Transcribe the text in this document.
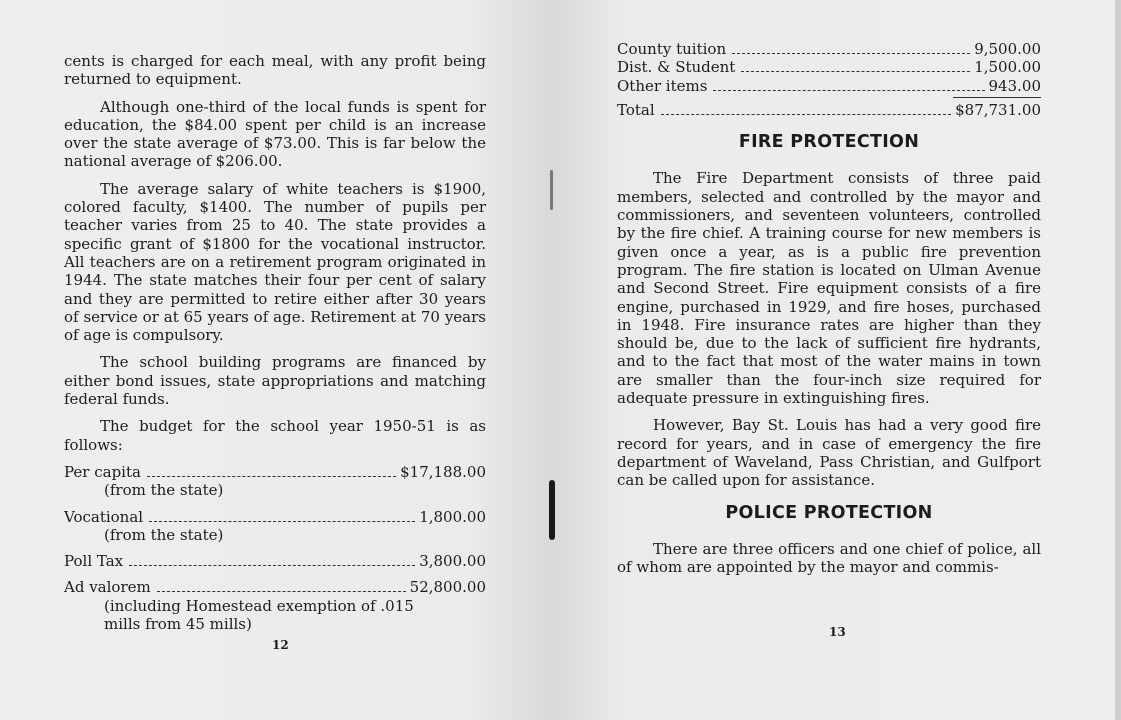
cents is charged for each meal, with any profit being returned to equipment.

Although one-third of the local funds is spent for education, the $84.00 spent per child is an increase over the state average of $73.00. This is far below the national average of $206.00.

The average salary of white teachers is $1900, colored faculty, $1400. The number of pupils per teacher varies from 25 to 40. The state provides a specific grant of $1800 for the vocational instructor. All teachers are on a retirement program originated in 1944. The state matches their four per cent of salary and they are permitted to retire either after 30 years of service or at 65 years of age. Retirement at 70 years of age is compulsory.

The school building programs are financed by either bond issues, state appropriations and matching federal funds.

The budget for the school year 1950-51 is as follows:

Per capita	$17,188.00
(from the state)
Vocational	1,800.00
(from the state)
Poll Tax	3,800.00
Ad valorem	52,800.00
(including Homestead exemption of .015 mills from 45 mills)
12
County tuition	9,500.00
Dist. & Student	1,500.00
Other items	943.00
Total	$87,731.00
FIRE PROTECTION

The Fire Department consists of three paid members, selected and controlled by the mayor and commissioners, and seventeen volunteers, controlled by the fire chief. A training course for new members is given once a year, as is a public fire prevention program. The fire station is located on Ulman Avenue and Second Street. Fire equipment consists of a fire engine, purchased in 1929, and fire hoses, purchased in 1948. Fire insurance rates are higher than they should be, due to the lack of sufficient fire hydrants, and to the fact that most of the water mains in town are smaller than the four-inch size required for adequate pressure in extinguishing fires.

However, Bay St. Louis has had a very good fire record for years, and in case of emergency the fire department of Waveland, Pass Christian, and Gulfport can be called upon for assistance.

POLICE PROTECTION

There are three officers and one chief of police, all of whom are appointed by the mayor and commis-

13
